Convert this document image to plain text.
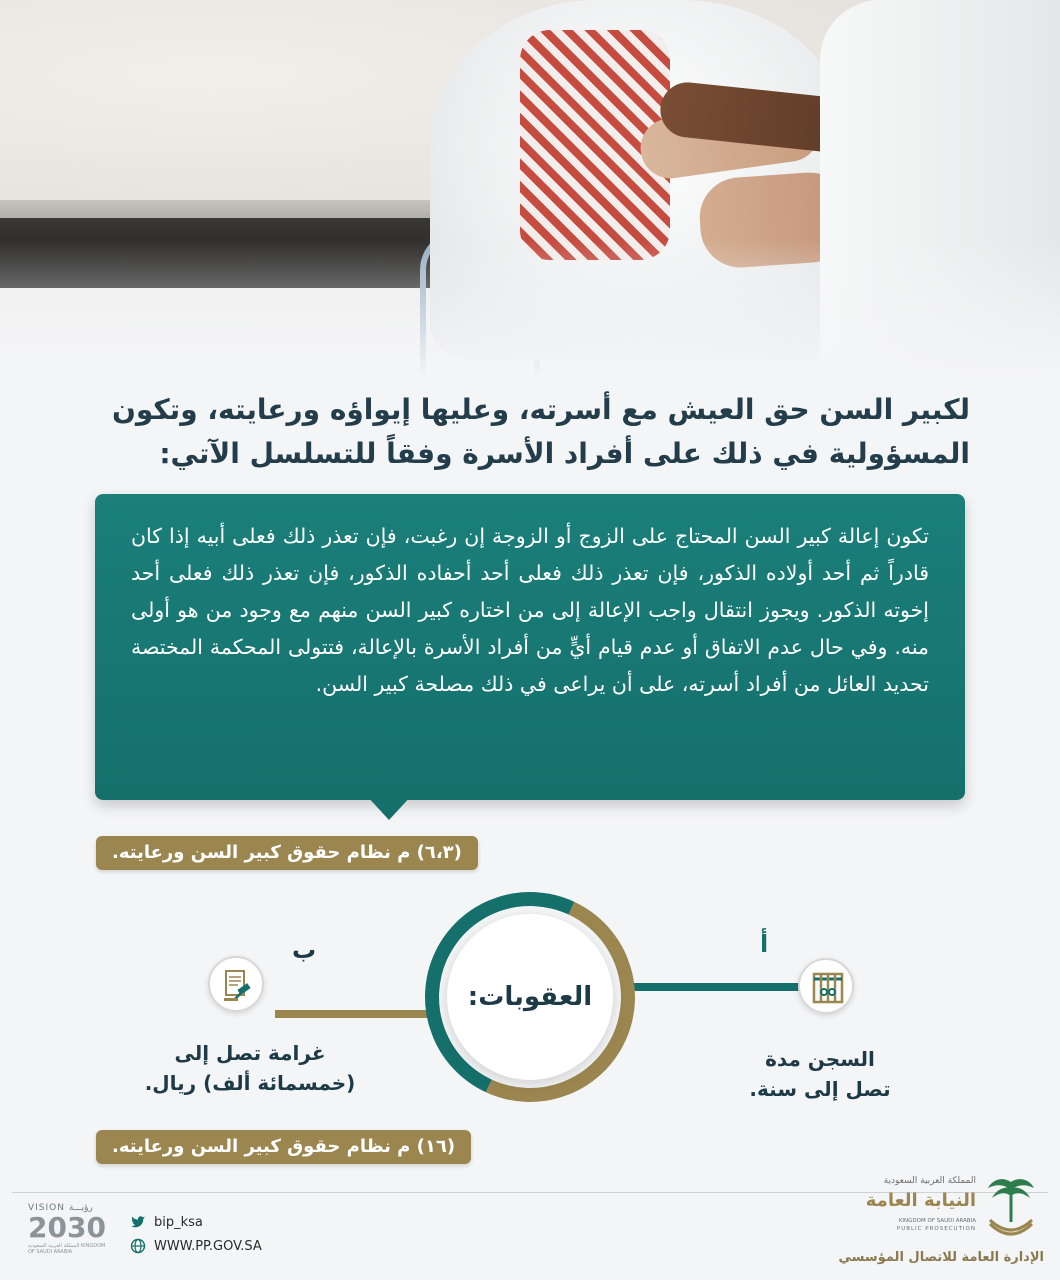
لكبير السن حق العيش مع أسرته، وعليها إيواؤه ورعايته، وتكون
المسؤولية في ذلك على أفراد الأسرة وفقاً للتسلسل الآتي:
تكون إعالة كبير السن المحتاج على الزوج أو الزوجة إن رغبت، فإن تعذر ذلك فعلى أبيه إذا كان قادراً ثم أحد أولاده الذكور، فإن تعذر ذلك فعلى أحد أحفاده الذكور، فإن تعذر ذلك فعلى أحد إخوته الذكور. ويجوز انتقال واجب الإعالة إلى من اختاره كبير السن منهم مع وجود من هو أولى منه. وفي حال عدم الاتفاق أو عدم قيام أيٍّ من أفراد الأسرة بالإعالة، فتتولى المحكمة المختصة تحديد العائل من أفراد أسرته، على أن يراعى في ذلك مصلحة كبير السن.
(٦،٣) م نظام حقوق كبير السن ورعايته.
العقوبات:
أ
السجن مدة
تصل إلى سنة.
ب
غرامة تصل إلى
(خمسمائة ألف) ريال.
(١٦) م نظام حقوق كبير السن ورعايته.
VISION رؤيـــة
2030
المملكة العربية السعودية KINGDOM OF SAUDI ARABIA
bip_ksa
WWW.PP.GOV.SA
المملكة العربية السعودية
النيابة العامة
KINGDOM OF SAUDI ARABIA
PUBLIC PROSECUTION
الإدارة العامة للاتصال المؤسسي
